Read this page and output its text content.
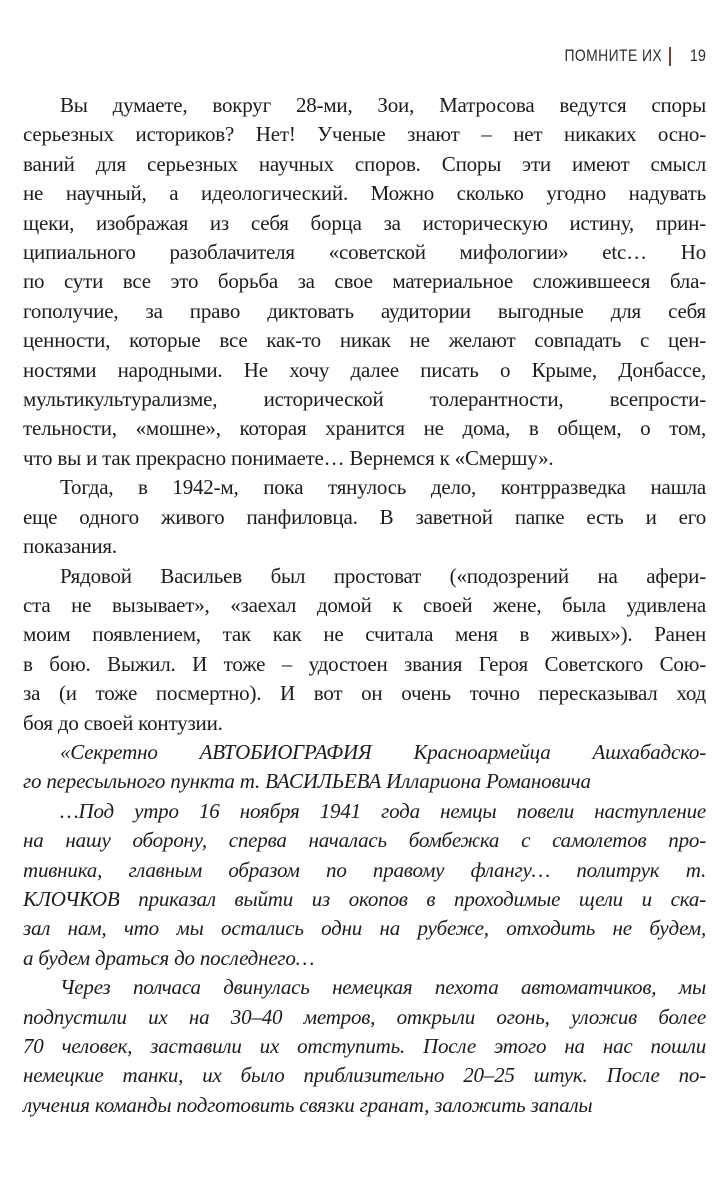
ПОМНИТЕ ИХ 19
Вы думаете, вокруг 28-ми, Зои, Матросова ведутся споры
серьезных историков? Нет! Ученые знают – нет никаких осно-
ваний для серьезных научных споров. Споры эти имеют смысл
не научный, а идеологический. Можно сколько угодно надувать
щеки, изображая из себя борца за историческую истину, прин-
ципиального разоблачителя «советской мифологии» etc… Но
по сути все это борьба за свое материальное сложившееся бла-
гополучие, за право диктовать аудитории выгодные для себя
ценности, которые все как-то никак не желают совпадать с цен-
ностями народными. Не хочу далее писать о Крыме, Донбассе,
мультикультурализме, исторической толерантности, всепрости-
тельности, «мошне», которая хранится не дома, в общем, о том,
что вы и так прекрасно понимаете… Вернемся к «Смершу».
Тогда, в 1942-м, пока тянулось дело, контрразведка нашла
еще одного живого панфиловца. В заветной папке есть и его
показания.
Рядовой Васильев был простоват («подозрений на афери-
ста не вызывает», «заехал домой к своей жене, была удивлена
моим появлением, так как не считала меня в живых»). Ранен
в бою. Выжил. И тоже – удостоен звания Героя Советского Сою-
за (и тоже посмертно). И вот он очень точно пересказывал ход
боя до своей контузии.
«Секретно АВТОБИОГРАФИЯ Красноармейца Ашхабадско-
го пересыльного пункта т. ВАСИЛЬЕВА Иллариона Романовича
…Под утро 16 ноября 1941 года немцы повели наступление
на нашу оборону, сперва началась бомбежка с самолетов про-
тивника, главным образом по правому флангу… политрук т.
КЛОЧКОВ приказал выйти из окопов в проходимые щели и ска-
зал нам, что мы остались одни на рубеже, отходить не будем,
а будем драться до последнего…
Через полчаса двинулась немецкая пехота автоматчиков, мы
подпустили их на 30–40 метров, открыли огонь, уложив более
70 человек, заставили их отступить. После этого на нас пошли
немецкие танки, их было приблизительно 20–25 штук. После по-
лучения команды подготовить связки гранат, заложить запалы
